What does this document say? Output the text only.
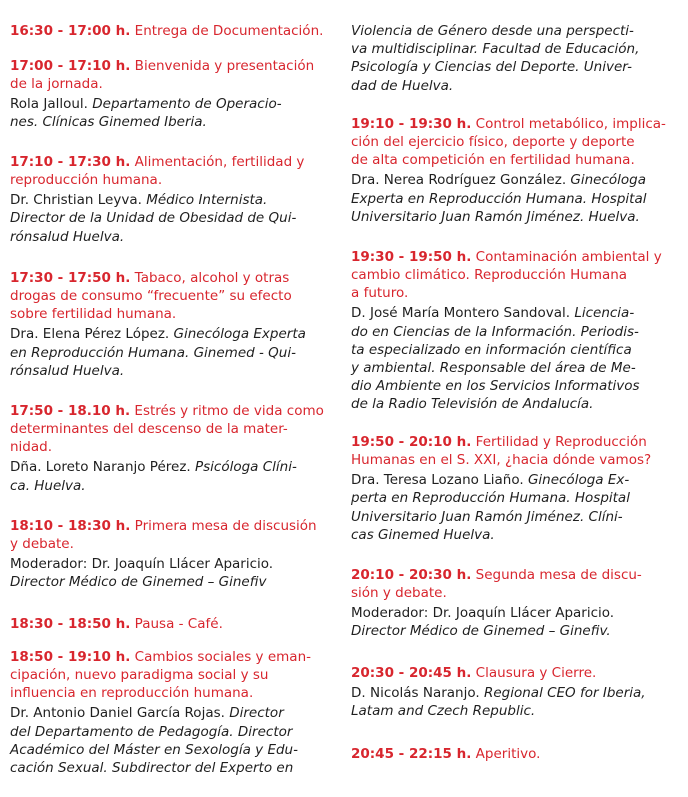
16:30 - 17:00 h. Entrega de Documentación.
17:00 - 17:10 h. Bienvenida y presentación
de la jornada.
Rola Jalloul. Departamento de Operacio-
nes. Clínicas Ginemed Iberia.
17:10 - 17:30 h. Alimentación, fertilidad y
reproducción humana.
Dr. Christian Leyva. Médico Internista.
Director de la Unidad de Obesidad de Qui-
rónsalud Huelva.
17:30 - 17:50 h. Tabaco, alcohol y otras
drogas de consumo “frecuente” su efecto
sobre fertilidad humana.
Dra. Elena Pérez López. Ginecóloga Experta
en Reproducción Humana. Ginemed - Qui-
rónsalud Huelva.
17:50 - 18.10 h. Estrés y ritmo de vida como
determinantes del descenso de la mater-
nidad.
Dña. Loreto Naranjo Pérez. Psicóloga Clíni-
ca. Huelva.
18:10 - 18:30 h. Primera mesa de discusión
y debate.
Moderador: Dr. Joaquín Llácer Aparicio.
Director Médico de Ginemed – Ginefiv
18:30 - 18:50 h. Pausa - Café.
18:50 - 19:10 h. Cambios sociales y eman-
cipación, nuevo paradigma social y su
influencia en reproducción humana.
Dr. Antonio Daniel García Rojas. Director
del Departamento de Pedagogía. Director
Académico del Máster en Sexología y Edu-
cación Sexual. Subdirector del Experto en
Violencia de Género desde una perspecti-
va multidisciplinar. Facultad de Educación,
Psicología y Ciencias del Deporte. Univer-
dad de Huelva.
19:10 - 19:30 h. Control metabólico, implica-
ción del ejercicio físico, deporte y deporte
de alta competición en fertilidad humana.
Dra. Nerea Rodríguez González. Ginecóloga
Experta en Reproducción Humana. Hospital
Universitario Juan Ramón Jiménez. Huelva.
19:30 - 19:50 h. Contaminación ambiental y
cambio climático. Reproducción Humana
a futuro.
D. José María Montero Sandoval. Licencia-
do en Ciencias de la Información. Periodis-
ta especializado en información científica
y ambiental. Responsable del área de Me-
dio Ambiente en los Servicios Informativos
de la Radio Televisión de Andalucía.
19:50 - 20:10 h. Fertilidad y Reproducción
Humanas en el S. XXI, ¿hacia dónde vamos?
Dra. Teresa Lozano Liaño. Ginecóloga Ex-
perta en Reproducción Humana. Hospital
Universitario Juan Ramón Jiménez. Clíni-
cas Ginemed Huelva.
20:10 - 20:30 h. Segunda mesa de discu-
sión y debate.
Moderador: Dr. Joaquín Llácer Aparicio.
Director Médico de Ginemed – Ginefiv.
20:30 - 20:45 h. Clausura y Cierre.
D. Nicolás Naranjo. Regional CEO for Iberia,
Latam and Czech Republic.
20:45 - 22:15 h. Aperitivo.
